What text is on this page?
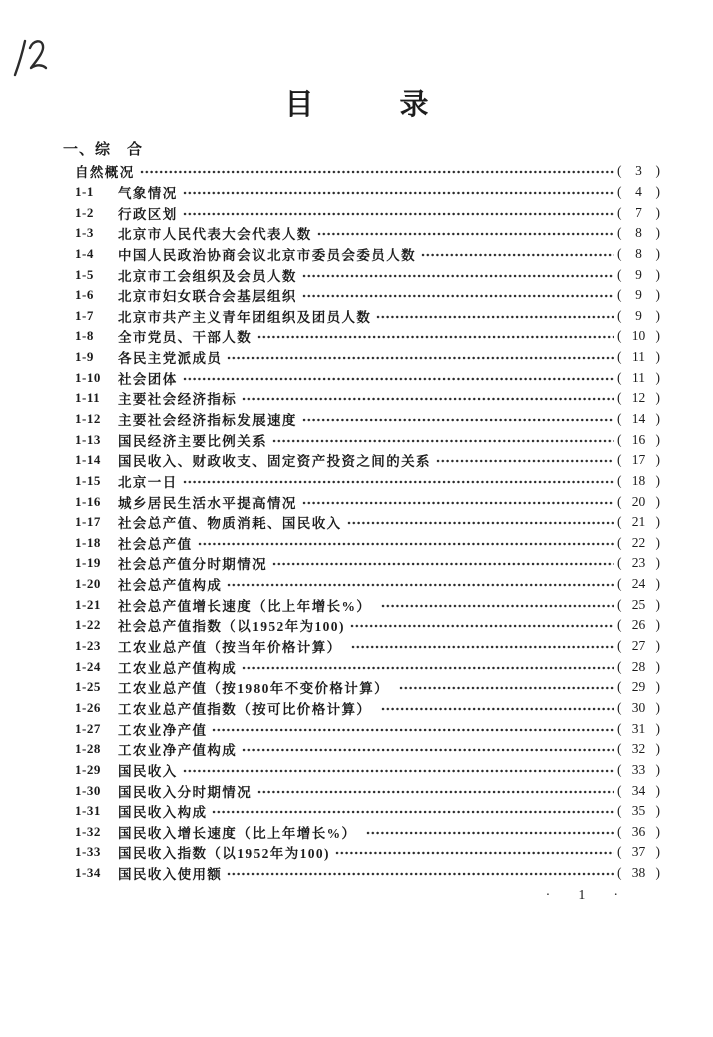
目	录
一、综　合
自然概况	(	3	)
1-1	气象情况	(	4	)
1-2	行政区划	(	7	)
1-3	北京市人民代表大会代表人数	(	8	)
1-4	中国人民政治协商会议北京市委员会委员人数	(	8	)
1-5	北京市工会组织及会员人数	(	9	)
1-6	北京市妇女联合会基层组织	(	9	)
1-7	北京市共产主义青年团组织及团员人数	(	9	)
1-8	全市党员、干部人数	( 10 )
1-9	各民主党派成员	( 11 )
1-10	社会团体	( 11 )
1-11	主要社会经济指标	( 12 )
1-12	主要社会经济指标发展速度	( 14 )
1-13	国民经济主要比例关系	( 16 )
1-14	国民收入、财政收支、固定资产投资之间的关系	( 17 )
1-15	北京一日	( 18 )
1-16	城乡居民生活水平提高情况	( 20 )
1-17	社会总产值、物质消耗、国民收入	( 21 )
1-18	社会总产值	( 22 )
1-19	社会总产值分时期情况	( 23 )
1-20	社会总产值构成	( 24 )
1-21	社会总产值增长速度（比上年增长%）	( 25 )
1-22	社会总产值指数（以1952年为100)	( 26 )
1-23	工农业总产值（按当年价格计算）	( 27 )
1-24	工农业总产值构成	( 28 )
1-25	工农业总产值（按1980年不变价格计算）	( 29 )
1-26	工农业总产值指数（按可比价格计算）	( 30 )
1-27	工农业净产值	( 31 )
1-28	工农业净产值构成	( 32 )
1-29	国民收入	( 33 )
1-30	国民收入分时期情况	( 34 )
1-31	国民收入构成	( 35 )
1-32	国民收入增长速度（比上年增长%）	( 36 )
1-33	国民收入指数（以1952年为100)	( 37 )
1-34	国民收入使用额	( 38 )
·  1  ·
